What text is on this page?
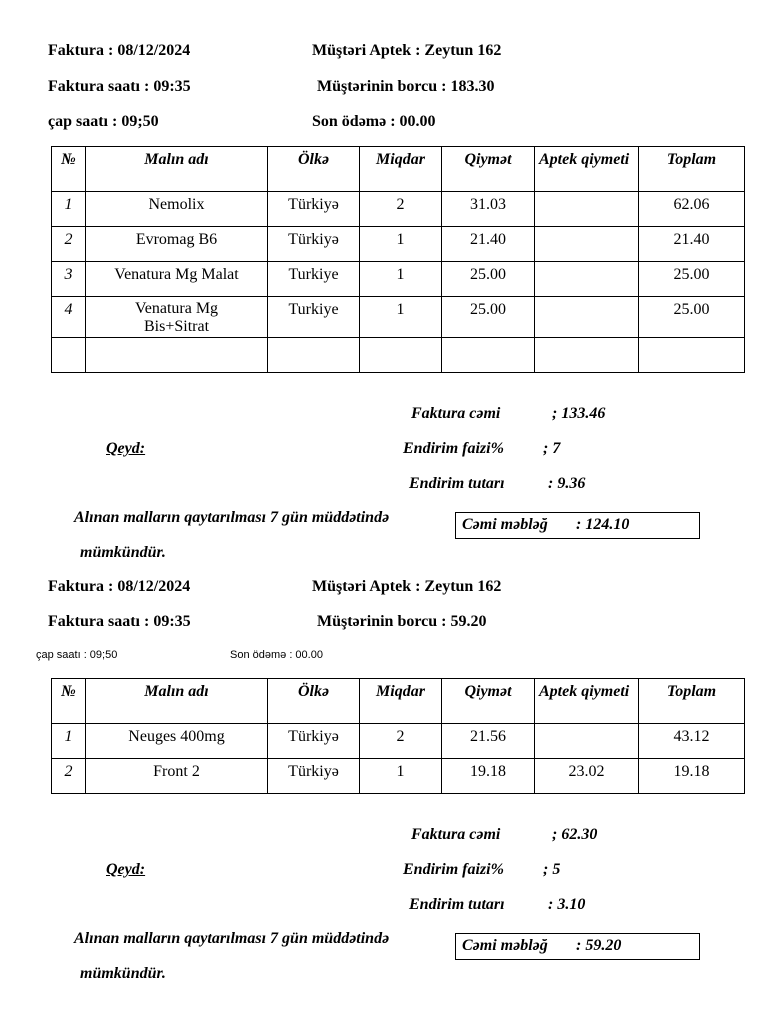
Faktura : 08/12/2024	Müştəri Aptek : Zeytun 162
Faktura saatı : 09:35	Müştərinin borcu : 183.30
çap saatı : 09;50	Son ödəmə : 00.00
№	Malın adı	Ölkə	Miqdar	Qiymət	Aptek qiymeti	Toplam
1	Nemolix	Türkiyə	2	31.03		62.06
2	Evromag B6	Türkiyə	1	21.40		21.40
3	Venatura Mg Malat	Turkiye	1	25.00		25.00
4	Venatura Mg Bis+Sitrat	Turkiye	1	25.00		25.00

Faktura cəmi	; 133.46
Qeyd:	Endirim faizi% ; 7
Endirim tutarı	: 9.36
Alınan malların qaytarılması 7 gün müddətində
mümkündür.
Cəmi məbləğ : 124.10
Faktura : 08/12/2024	Müştəri Aptek : Zeytun 162
Faktura saatı : 09:35	Müştərinin borcu : 59.20
çap saatı : 09;50	Son ödəmə : 00.00
№	Malın adı	Ölkə	Miqdar	Qiymət	Aptek qiymeti	Toplam
1	Neuges 400mg	Türkiyə	2	21.56		43.12
2	Front 2	Türkiyə	1	19.18	23.02	19.18
Faktura cəmi	; 62.30
Qeyd:	Endirim faizi% ; 5
Endirim tutarı	: 3.10
Alınan malların qaytarılması 7 gün müddətində
mümkündür.
Cəmi məbləğ : 59.20
